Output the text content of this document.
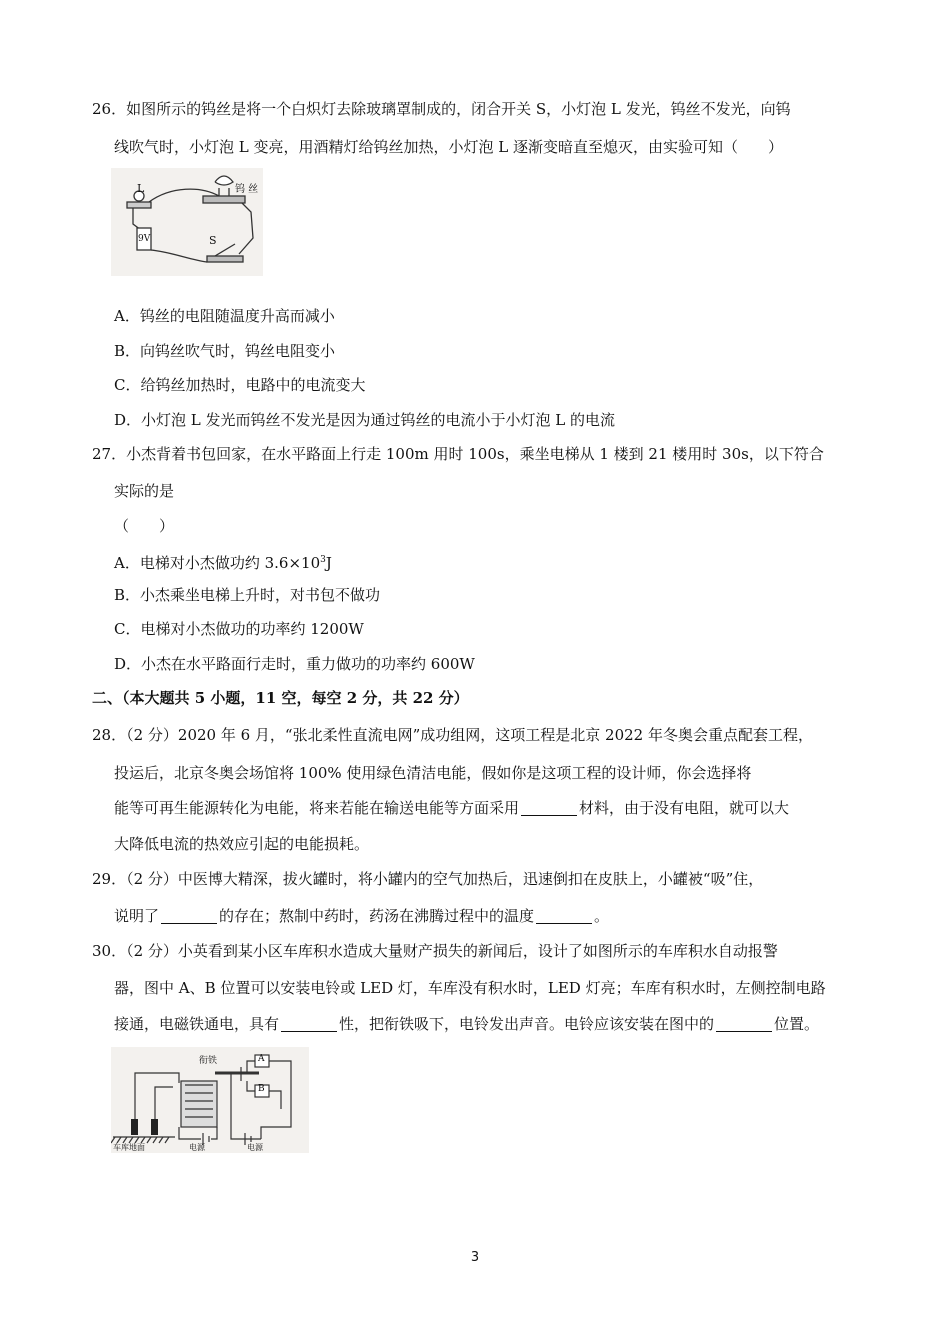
26．如图所示的钨丝是将一个白炽灯去除玻璃罩制成的，闭合开关 S，小灯泡 L 发光，钨丝不发光，向钨
线吹气时，小灯泡 L 变亮，用酒精灯给钨丝加热，小灯泡 L 逐渐变暗直至熄灭，由实验可知（　　）
L	钨 丝
9V	S
A．钨丝的电阻随温度升高而减小
B．向钨丝吹气时，钨丝电阻变小
C．给钨丝加热时，电路中的电流变大
D．小灯泡 L 发光而钨丝不发光是因为通过钨丝的电流小于小灯泡 L 的电流
27．小杰背着书包回家，在水平路面上行走 100m 用时 100s，乘坐电梯从 1 楼到 21 楼用时 30s，以下符合
实际的是
（　　）
A．电梯对小杰做功约 $3.6\times 10^3J$
B．小杰乘坐电梯上升时，对书包不做功
C．电梯对小杰做功的功率约 1200W
D．小杰在水平路面行走时，重力做功的功率约 600W
二、（本大题共 5 小题，11 空，每空 2 分，共 22 分）
28．（2 分）2020 年 6 月，“张北柔性直流电网”成功组网，这项工程是北京 2022 年冬奥会重点配套工程，
投运后，北京冬奥会场馆将 100% 使用绿色清洁电能，假如你是这项工程的设计师，你会选择将
能等可再生能源转化为电能，将来若能在输送电能等方面采用	材料，由于没有电阻，就可以大
大降低电流的热效应引起的电能损耗。
29．（2 分）中医博大精深，拔火罐时，将小罐内的空气加热后，迅速倒扣在皮肤上，小罐被“吸”住，
说明了	的存在；熬制中药时，药汤在沸腾过程中的温度	。
30．（2 分）小英看到某小区车库积水造成大量财产损失的新闻后，设计了如图所示的车库积水自动报警
器，图中 A、B 位置可以安装电铃或 LED 灯，车库没有积水时，LED 灯亮；车库有积水时，左侧控制电路
接通，电磁铁通电，具有	性，把衔铁吸下，电铃发出声音。电铃应该安装在图中的	位置。
衔铁	A
B
电源	电源
车库地面
3
